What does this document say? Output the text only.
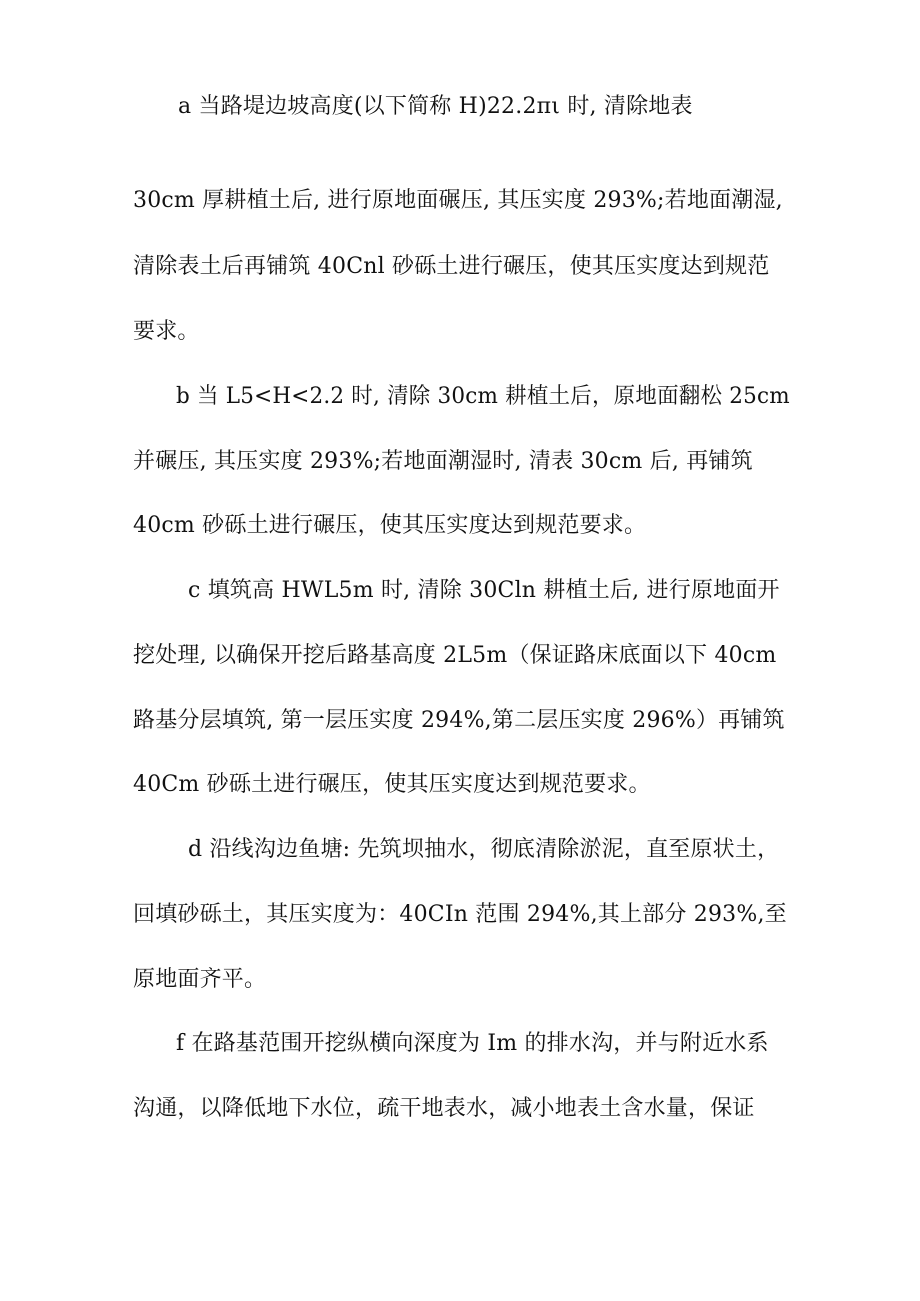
a 当路堤边坡高度(以下简称 H)22.2πι 时, 清除地表
30cm 厚耕植土后, 进行原地面碾压, 其压实度 293%;若地面潮湿,
清除表土后再铺筑 40Cnl 砂砾土进行碾压，使其压实度达到规范
要求。
b 当 L5<H<2.2 时, 清除 30cm 耕植土后，原地面翻松 25cm
并碾压, 其压实度 293%;若地面潮湿时, 清表 30cm 后, 再铺筑
40cm 砂砾土进行碾压，使其压实度达到规范要求。
c 填筑高 HWL5m 时, 清除 30Cln 耕植土后, 进行原地面开
挖处理, 以确保开挖后路基高度 2L5m（保证路床底面以下 40cm
路基分层填筑, 第一层压实度 294%,第二层压实度 296%）再铺筑
40Cm 砂砾土进行碾压，使其压实度达到规范要求。
d 沿线沟边鱼塘: 先筑坝抽水，彻底清除淤泥，直至原状土，
回填砂砾土，其压实度为：40CIn 范围 294%,其上部分 293%,至
原地面齐平。
f 在路基范围开挖纵横向深度为 Im 的排水沟，并与附近水系
沟通，以降低地下水位，疏干地表水，减小地表土含水量，保证
